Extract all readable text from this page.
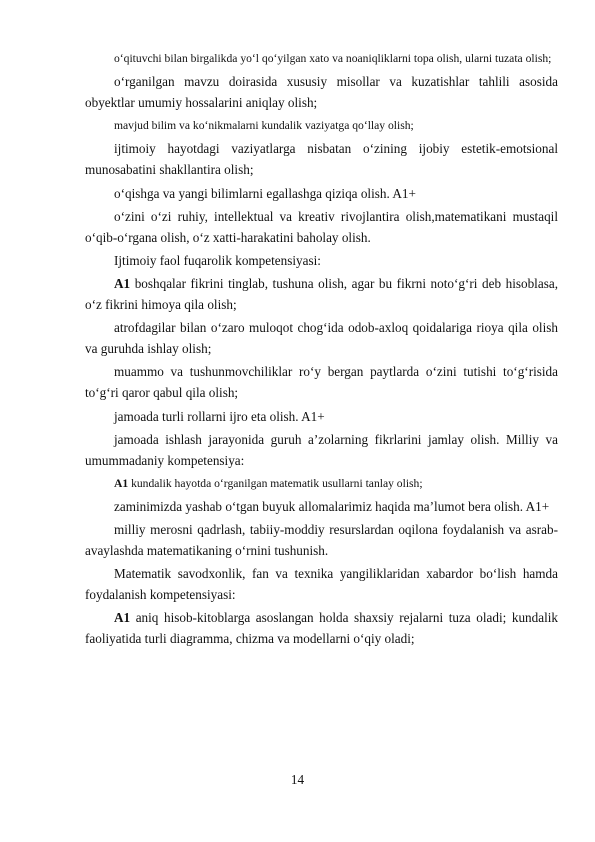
o‘qituvchi bilan birgalikda yo‘l qo‘yilgan xato va noaniqliklarni topa olish, ularni tuzata olish;

o‘rganilgan mavzu doirasida xususiy misollar va kuzatishlar tahlili asosida obyektlar umumiy hossalarini aniqlay olish;

mavjud bilim va ko‘nikmalarni kundalik vaziyatga qo‘llay olish;

ijtimoiy hayotdagi vaziyatlarga nisbatan o‘zining ijobiy estetik-emotsional munosabatini shakllantira olish;

o‘qishga va yangi bilimlarni egallashga qiziqa olish. A1+

o‘zini o‘zi ruhiy, intellektual va kreativ rivojlantira olish,matematikani mustaqil o‘qib-o‘rgana olish, o‘z xatti-harakatini baholay olish.

Ijtimoiy faol fuqarolik kompetensiyasi:

A1 boshqalar fikrini tinglab, tushuna olish, agar bu fikrni noto‘g‘ri deb hisoblasa, o‘z fikrini himoya qila olish;

atrofdagilar bilan o‘zaro muloqot chog‘ida odob-axloq qoidalariga rioya qila olish va guruhda ishlay olish;

muammo va tushunmovchiliklar ro‘y bergan paytlarda o‘zini tutishi to‘g‘risida to‘g‘ri qaror qabul qila olish;

jamoada turli rollarni ijro eta olish. A1+

jamoada ishlash jarayonida guruh a’zolarning fikrlarini jamlay olish. Milliy va umummadaniy kompetensiya:

A1 kundalik hayotda o‘rganilgan matematik usullarni tanlay olish;

zaminimizda yashab o‘tgan buyuk allomalarimiz haqida ma’lumot bera olish. A1+

milliy merosni qadrlash, tabiiy-moddiy resurslardan oqilona foydalanish va asrab-avaylashda matematikaning o‘rnini tushunish.

Matematik savodxonlik, fan va texnika yangiliklaridan xabardor bo‘lish hamda foydalanish kompetensiyasi:

A1 aniq hisob-kitoblarga asoslangan holda shaxsiy rejalarni tuza oladi; kundalik faoliyatida turli diagramma, chizma va modellarni o‘qiy oladi;

14
